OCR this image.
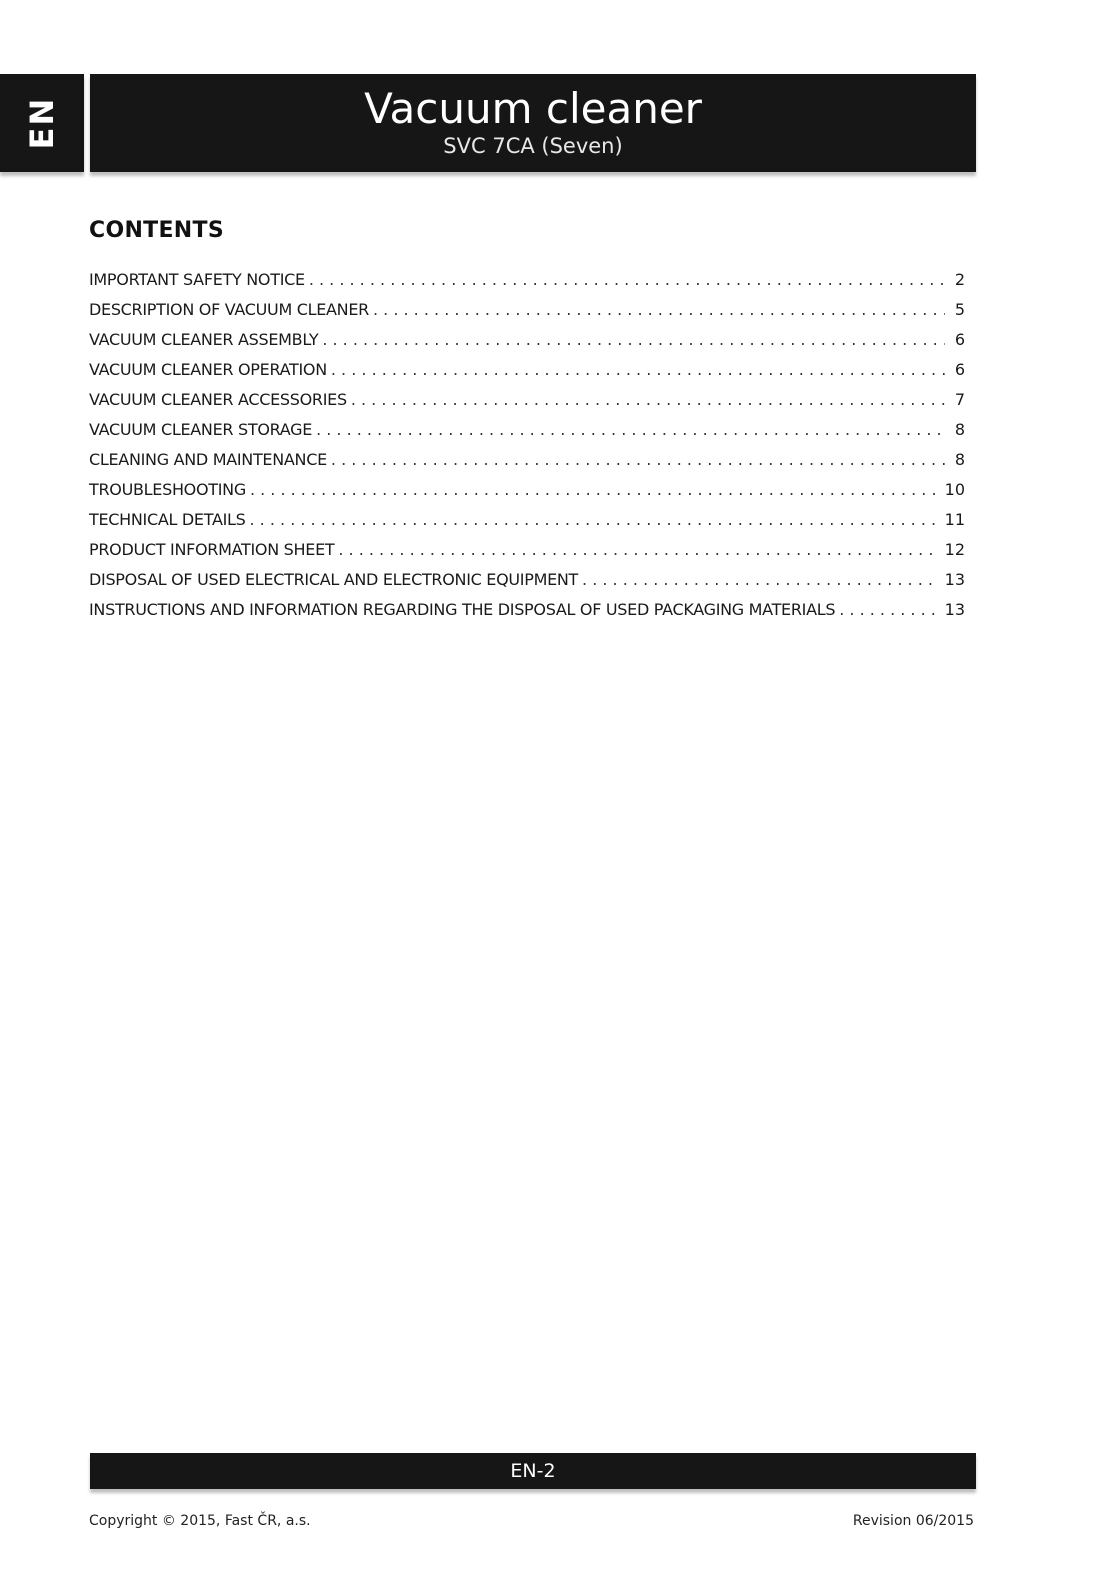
EN	Vacuum cleaner
SVC 7CA (Seven)
CONTENTS
IMPORTANT SAFETY NOTICE . . .	2
DESCRIPTION OF VACUUM CLEANER . . .	5
VACUUM CLEANER ASSEMBLY . . .	6
VACUUM CLEANER OPERATION . . .	6
VACUUM CLEANER ACCESSORIES . . .	7
VACUUM CLEANER STORAGE . . .	8
CLEANING AND MAINTENANCE . . .	8
TROUBLESHOOTING . . .	10
TECHNICAL DETAILS . . .	11
PRODUCT INFORMATION SHEET . . .	12
DISPOSAL OF USED ELECTRICAL AND ELECTRONIC EQUIPMENT . . .	13
INSTRUCTIONS AND INFORMATION REGARDING THE DISPOSAL OF USED PACKAGING MATERIALS . . .	13
EN-2
Copyright © 2015, Fast ČR, a.s.	Revision 06/2015
